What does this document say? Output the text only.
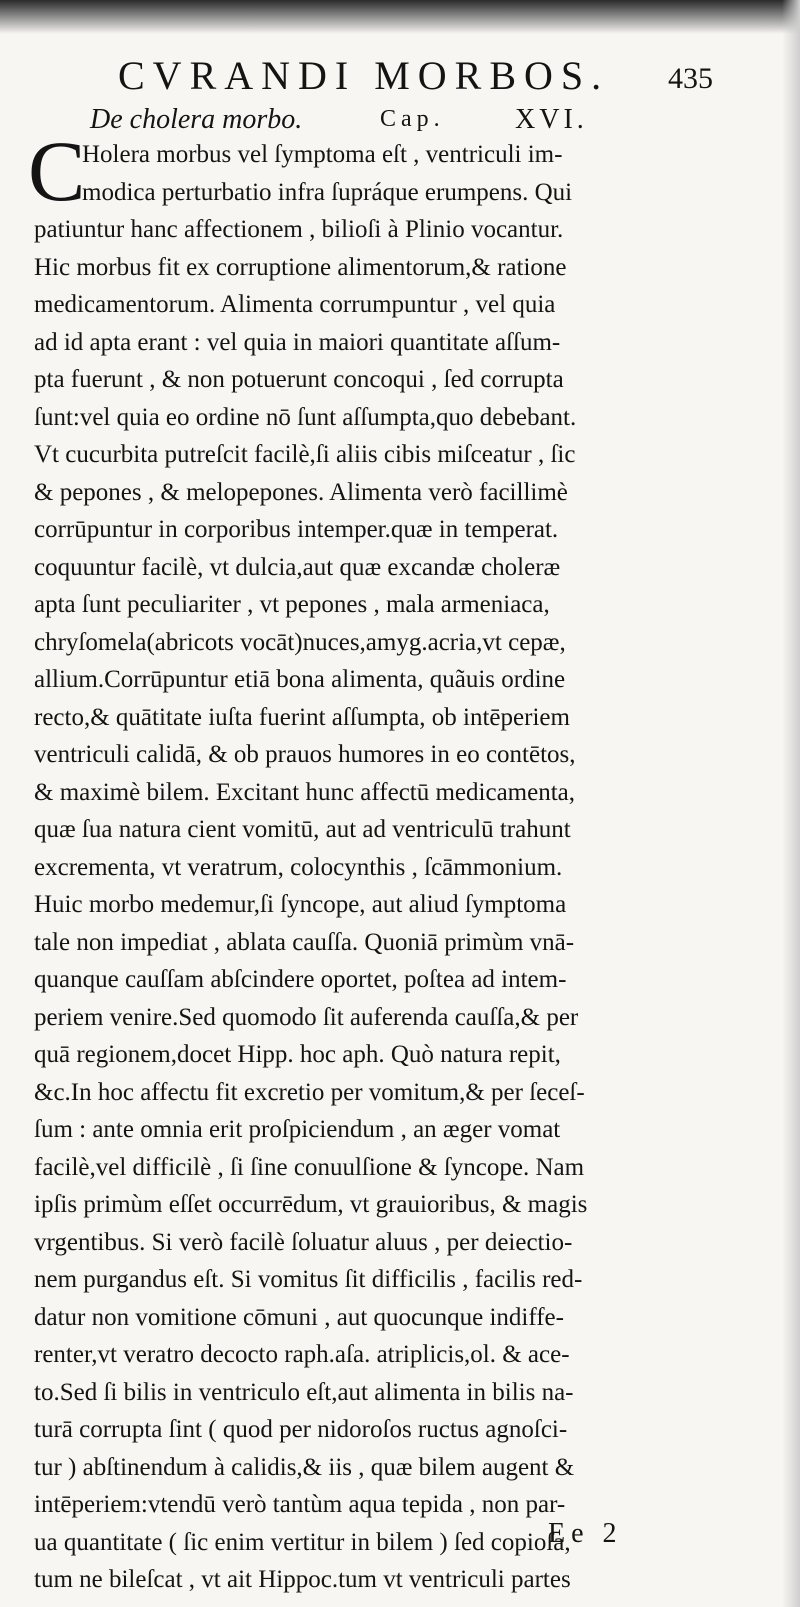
CVRANDI MORBOS. 435
De cholera morbo.	Cap.	XVI.
C
Holera morbus vel ſymptoma eſt , ventriculi im-
modica perturbatio infra ſupráque erumpens. Qui
patiuntur hanc affectionem , bilioſi à Plinio vocantur.
Hic morbus fit ex corruptione alimentorum,& ratione
medicamentorum. Alimenta corrumpuntur , vel quia
ad id apta erant : vel quia in maiori quantitate aſſum-
pta fuerunt , & non potuerunt concoqui , ſed corrupta
ſunt:vel quia eo ordine nō ſunt aſſumpta,quo debebant.
Vt cucurbita putreſcit facilè,ſi aliis cibis miſceatur , ſic
& pepones , & melopepones. Alimenta verò facillimè
corrūpuntur in corporibus intemper.quæ in temperat.
coquuntur facilè, vt dulcia,aut quæ excandæ choleræ
apta ſunt peculiariter , vt pepones , mala armeniaca,
chryſomela(abricots vocāt)nuces,amyg.acria,vt cepæ,
allium.Corrūpuntur etiā bona alimenta, quãuis ordine
recto,& quātitate iuſta fuerint aſſumpta, ob intēperiem
ventriculi calidā, & ob prauos humores in eo contētos,
& maximè bilem. Excitant hunc affectū medicamenta,
quæ ſua natura cient vomitū, aut ad ventriculū trahunt
excrementa, vt veratrum, colocynthis , ſcāmmonium.
Huic morbo medemur,ſi ſyncope, aut aliud ſymptoma
tale non impediat , ablata cauſſa. Quoniā primùm vnā-
quanque cauſſam abſcindere oportet, poſtea ad intem-
periem venire.Sed quomodo ſit auferenda cauſſa,& per
quā regionem,docet Hipp. hoc aph. Quò natura repit,
&c.In hoc affectu fit excretio per vomitum,& per ſeceſ-
ſum : ante omnia erit proſpiciendum , an æger vomat
facilè,vel difficilè , ſi ſine conuulſione & ſyncope. Nam
ipſis primùm eſſet occurrēdum, vt grauioribus, & magis
vrgentibus. Si verò facilè ſoluatur aluus , per deiectio-
nem purgandus eſt. Si vomitus ſit difficilis , facilis red-
datur non vomitione cōmuni , aut quocunque indiffe-
renter,vt veratro decocto raph.aſa. atriplicis,ol. & ace-
to.Sed ſi bilis in ventriculo eſt,aut alimenta in bilis na-
turā corrupta ſint ( quod per nidoroſos ructus agnoſci-
tur ) abſtinendum à calidis,& iis , quæ bilem augent &
intēperiem:vtendū verò tantùm aqua tepida , non par-
ua quantitate ( ſic enim vertitur in bilem ) ſed copioſa,
tum ne bileſcat , vt ait Hippoc.tum vt ventriculi partes
Ee 2
